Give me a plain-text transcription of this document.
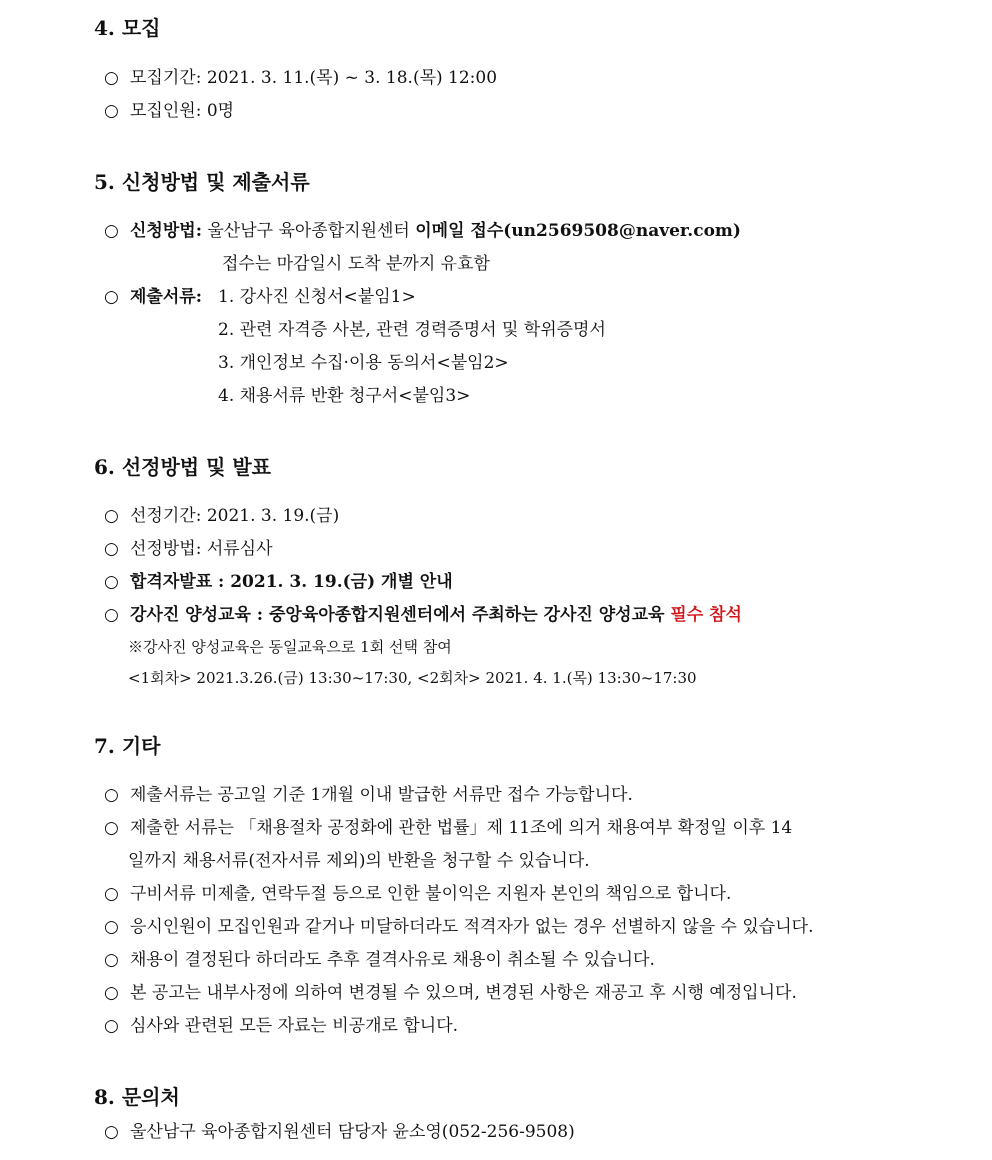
4. 모집
○ 모집기간: 2021. 3. 11.(목) ~ 3. 18.(목) 12:00
○ 모집인원: 0명
5. 신청방법 및 제출서류
○ 신청방법: 울산남구 육아종합지원센터 이메일 접수(un2569508@naver.com)
접수는 마감일시 도착 분까지 유효함
○ 제출서류: 1. 강사진 신청서<붙임1>
2. 관련 자격증 사본, 관련 경력증명서 및 학위증명서
3. 개인정보 수집·이용 동의서<붙임2>
4. 채용서류 반환 청구서<붙임3>
6. 선정방법 및 발표
○ 선정기간: 2021. 3. 19.(금)
○ 선정방법: 서류심사
○ 합격자발표 : 2021. 3. 19.(금) 개별 안내
○ 강사진 양성교육 : 중앙육아종합지원센터에서 주최하는 강사진 양성교육 필수 참석
※강사진 양성교육은 동일교육으로 1회 선택 참여
<1회차> 2021.3.26.(금) 13:30~17:30, <2회차> 2021. 4. 1.(목) 13:30~17:30
7. 기타
○ 제출서류는 공고일 기준 1개월 이내 발급한 서류만 접수 가능합니다.
○ 제출한 서류는 「채용절차 공정화에 관한 법률」제 11조에 의거 채용여부 확정일 이후 14
일까지 채용서류(전자서류 제외)의 반환을 청구할 수 있습니다.
○ 구비서류 미제출, 연락두절 등으로 인한 불이익은 지원자 본인의 책임으로 합니다.
○ 응시인원이 모집인원과 같거나 미달하더라도 적격자가 없는 경우 선별하지 않을 수 있습니다.
○ 채용이 결정된다 하더라도 추후 결격사유로 채용이 취소될 수 있습니다.
○ 본 공고는 내부사정에 의하여 변경될 수 있으며, 변경된 사항은 재공고 후 시행 예정입니다.
○ 심사와 관련된 모든 자료는 비공개로 합니다.
8. 문의처
○ 울산남구 육아종합지원센터 담당자 윤소영(052-256-9508)
